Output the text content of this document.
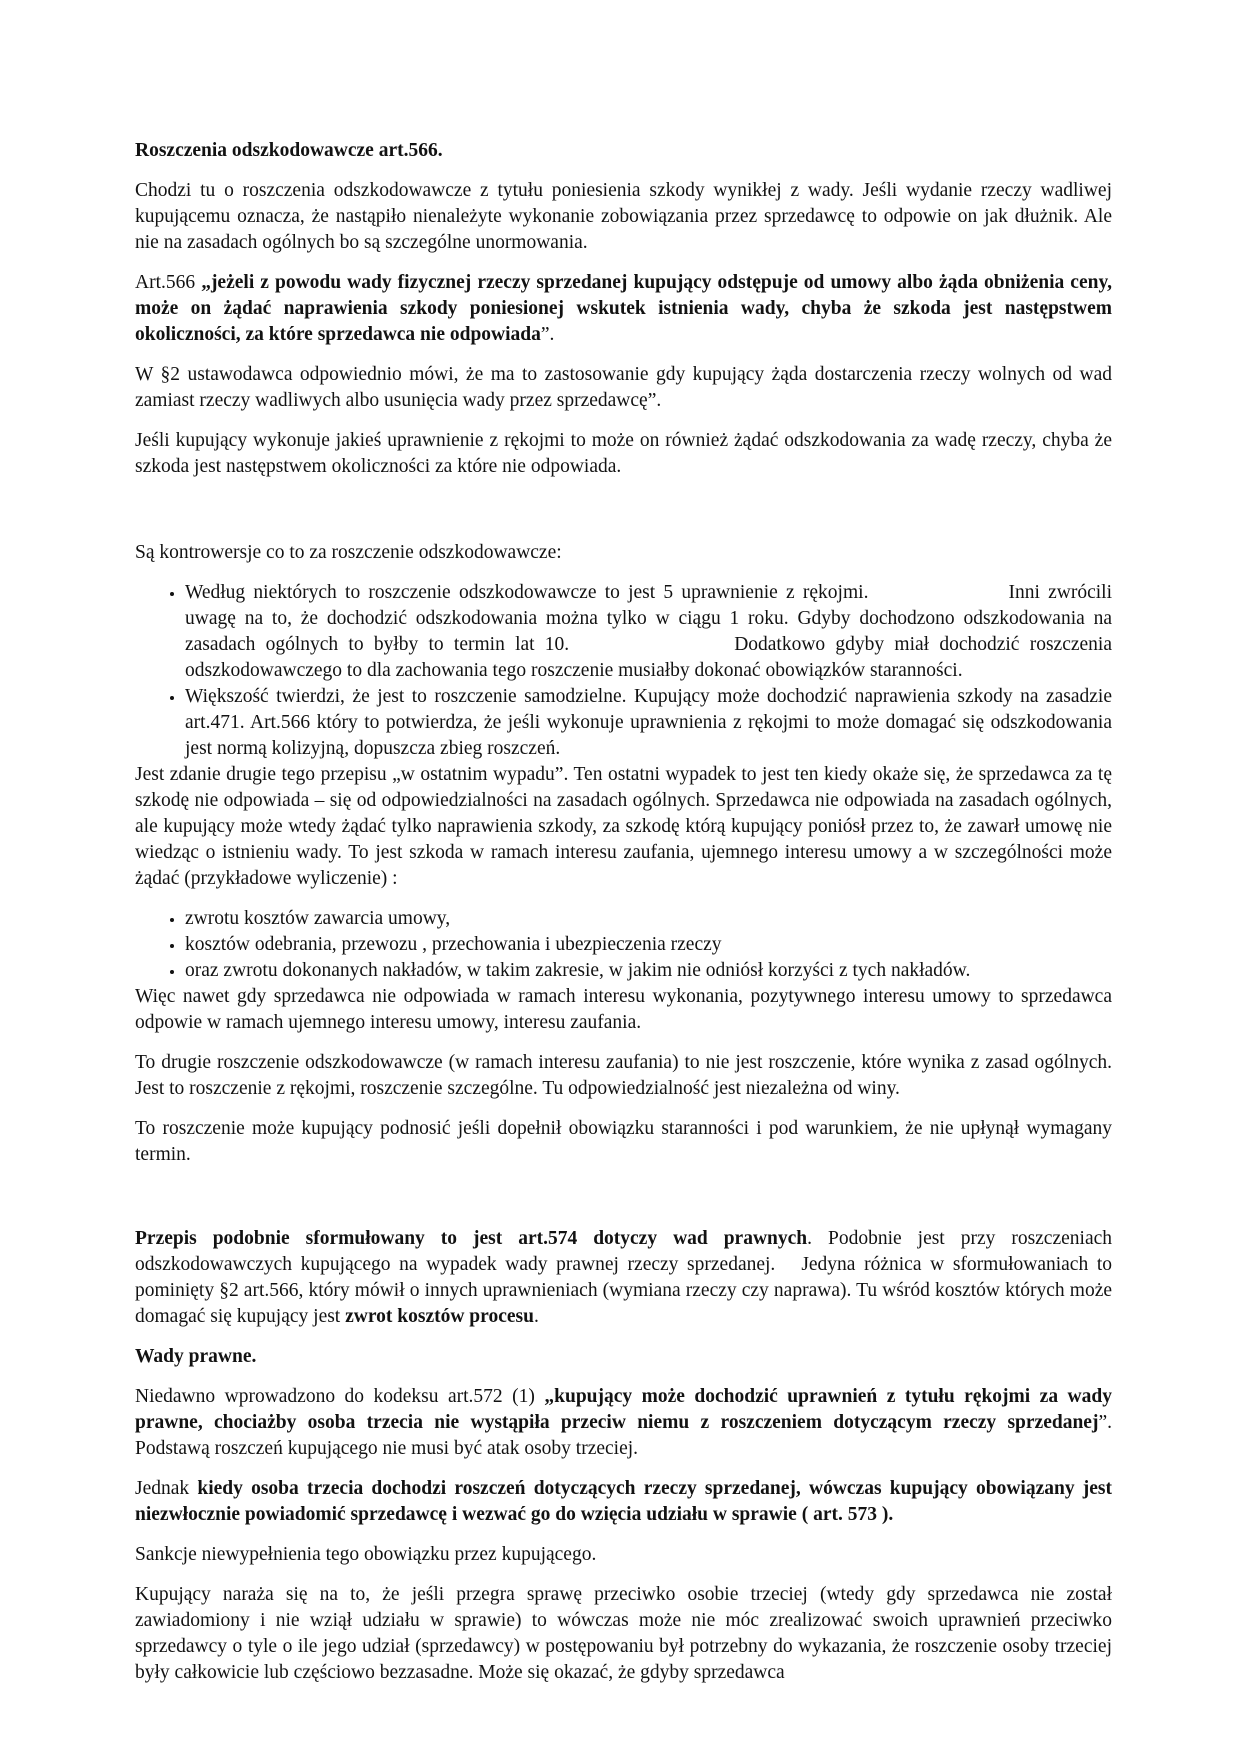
Roszczenia odszkodowawcze art.566.

Chodzi tu o roszczenia odszkodowawcze z tytułu poniesienia szkody wynikłej z wady. Jeśli wydanie rzeczy wadliwej kupującemu oznacza, że nastąpiło nienależyte wykonanie zobowiązania przez sprzedawcę to odpowie on jak dłużnik. Ale nie na zasadach ogólnych bo są szczególne unormowania.

Art.566 „jeżeli z powodu wady fizycznej rzeczy sprzedanej kupujący odstępuje od umowy albo żąda obniżenia ceny, może on żądać naprawienia szkody poniesionej wskutek istnienia wady, chyba że szkoda jest następstwem okoliczności, za które sprzedawca nie odpowiada”.

W §2 ustawodawca odpowiednio mówi, że ma to zastosowanie gdy kupujący żąda dostarczenia rzeczy wolnych od wad zamiast rzeczy wadliwych albo usunięcia wady przez sprzedawcę”.

Jeśli kupujący wykonuje jakieś uprawnienie z rękojmi to może on również żądać odszkodowania za wadę rzeczy, chyba że szkoda jest następstwem okoliczności za które nie odpowiada.

Są kontrowersje co to za roszczenie odszkodowawcze:

• Według niektórych to roszczenie odszkodowawcze to jest 5 uprawnienie z rękojmi.	Inni zwrócili uwagę na to, że dochodzić odszkodowania można tylko w ciągu 1 roku. Gdyby dochodzono odszkodowania na zasadach ogólnych to byłby to termin lat 10.	Dodatkowo gdyby miał dochodzić roszczenia odszkodowawczego to dla zachowania tego roszczenie musiałby dokonać obowiązków staranności.
• Większość twierdzi, że jest to roszczenie samodzielne. Kupujący może dochodzić naprawienia szkody na zasadzie art.471. Art.566 który to potwierdza, że jeśli wykonuje uprawnienia z rękojmi to może domagać się odszkodowania jest normą kolizyjną, dopuszcza zbieg roszczeń.

Jest zdanie drugie tego przepisu „w ostatnim wypadu”. Ten ostatni wypadek to jest ten kiedy okaże się, że sprzedawca za tę szkodę nie odpowiada – się od odpowiedzialności na zasadach ogólnych. Sprzedawca nie odpowiada na zasadach ogólnych, ale kupujący może wtedy żądać tylko naprawienia szkody, za szkodę którą kupujący poniósł przez to, że zawarł umowę nie wiedząc o istnieniu wady. To jest szkoda w ramach interesu zaufania, ujemnego interesu umowy a w szczególności może żądać (przykładowe wyliczenie) :

• zwrotu kosztów zawarcia umowy,
• kosztów odebrania, przewozu , przechowania i ubezpieczenia rzeczy
• oraz zwrotu dokonanych nakładów, w takim zakresie, w jakim nie odniósł korzyści z tych nakładów.

Więc nawet gdy sprzedawca nie odpowiada w ramach interesu wykonania, pozytywnego interesu umowy to sprzedawca odpowie w ramach ujemnego interesu umowy, interesu zaufania.

To drugie roszczenie odszkodowawcze (w ramach interesu zaufania) to nie jest roszczenie, które wynika z zasad ogólnych. Jest to roszczenie z rękojmi, roszczenie szczególne. Tu odpowiedzialność jest niezależna od winy.

To roszczenie może kupujący podnosić jeśli dopełnił obowiązku staranności i pod warunkiem, że nie upłynął wymagany termin.

Przepis podobnie sformułowany to jest art.574 dotyczy wad prawnych. Podobnie jest przy roszczeniach odszkodowawczych kupującego na wypadek wady prawnej rzeczy sprzedanej. Jedyna różnica w sformułowaniach to pominięty §2 art.566, który mówił o innych uprawnieniach (wymiana rzeczy czy naprawa). Tu wśród kosztów których może domagać się kupujący jest zwrot kosztów procesu.

Wady prawne.

Niedawno wprowadzono do kodeksu art.572 (1) „kupujący może dochodzić uprawnień z tytułu rękojmi za wady prawne, chociażby osoba trzecia nie wystąpiła przeciw niemu z roszczeniem dotyczącym rzeczy sprzedanej”. Podstawą roszczeń kupującego nie musi być atak osoby trzeciej.

Jednak kiedy osoba trzecia dochodzi roszczeń dotyczących rzeczy sprzedanej, wówczas kupujący obowiązany jest niezwłocznie powiadomić sprzedawcę i wezwać go do wzięcia udziału w sprawie ( art. 573 ).

Sankcje niewypełnienia tego obowiązku przez kupującego.

Kupujący naraża się na to, że jeśli przegra sprawę przeciwko osobie trzeciej (wtedy gdy sprzedawca nie został zawiadomiony i nie wziął udziału w sprawie) to wówczas może nie móc zrealizować swoich uprawnień przeciwko sprzedawcy o tyle o ile jego udział (sprzedawcy) w postępowaniu był potrzebny do wykazania, że roszczenie osoby trzeciej były całkowicie lub częściowo bezzasadne. Może się okazać, że gdyby sprzedawca
